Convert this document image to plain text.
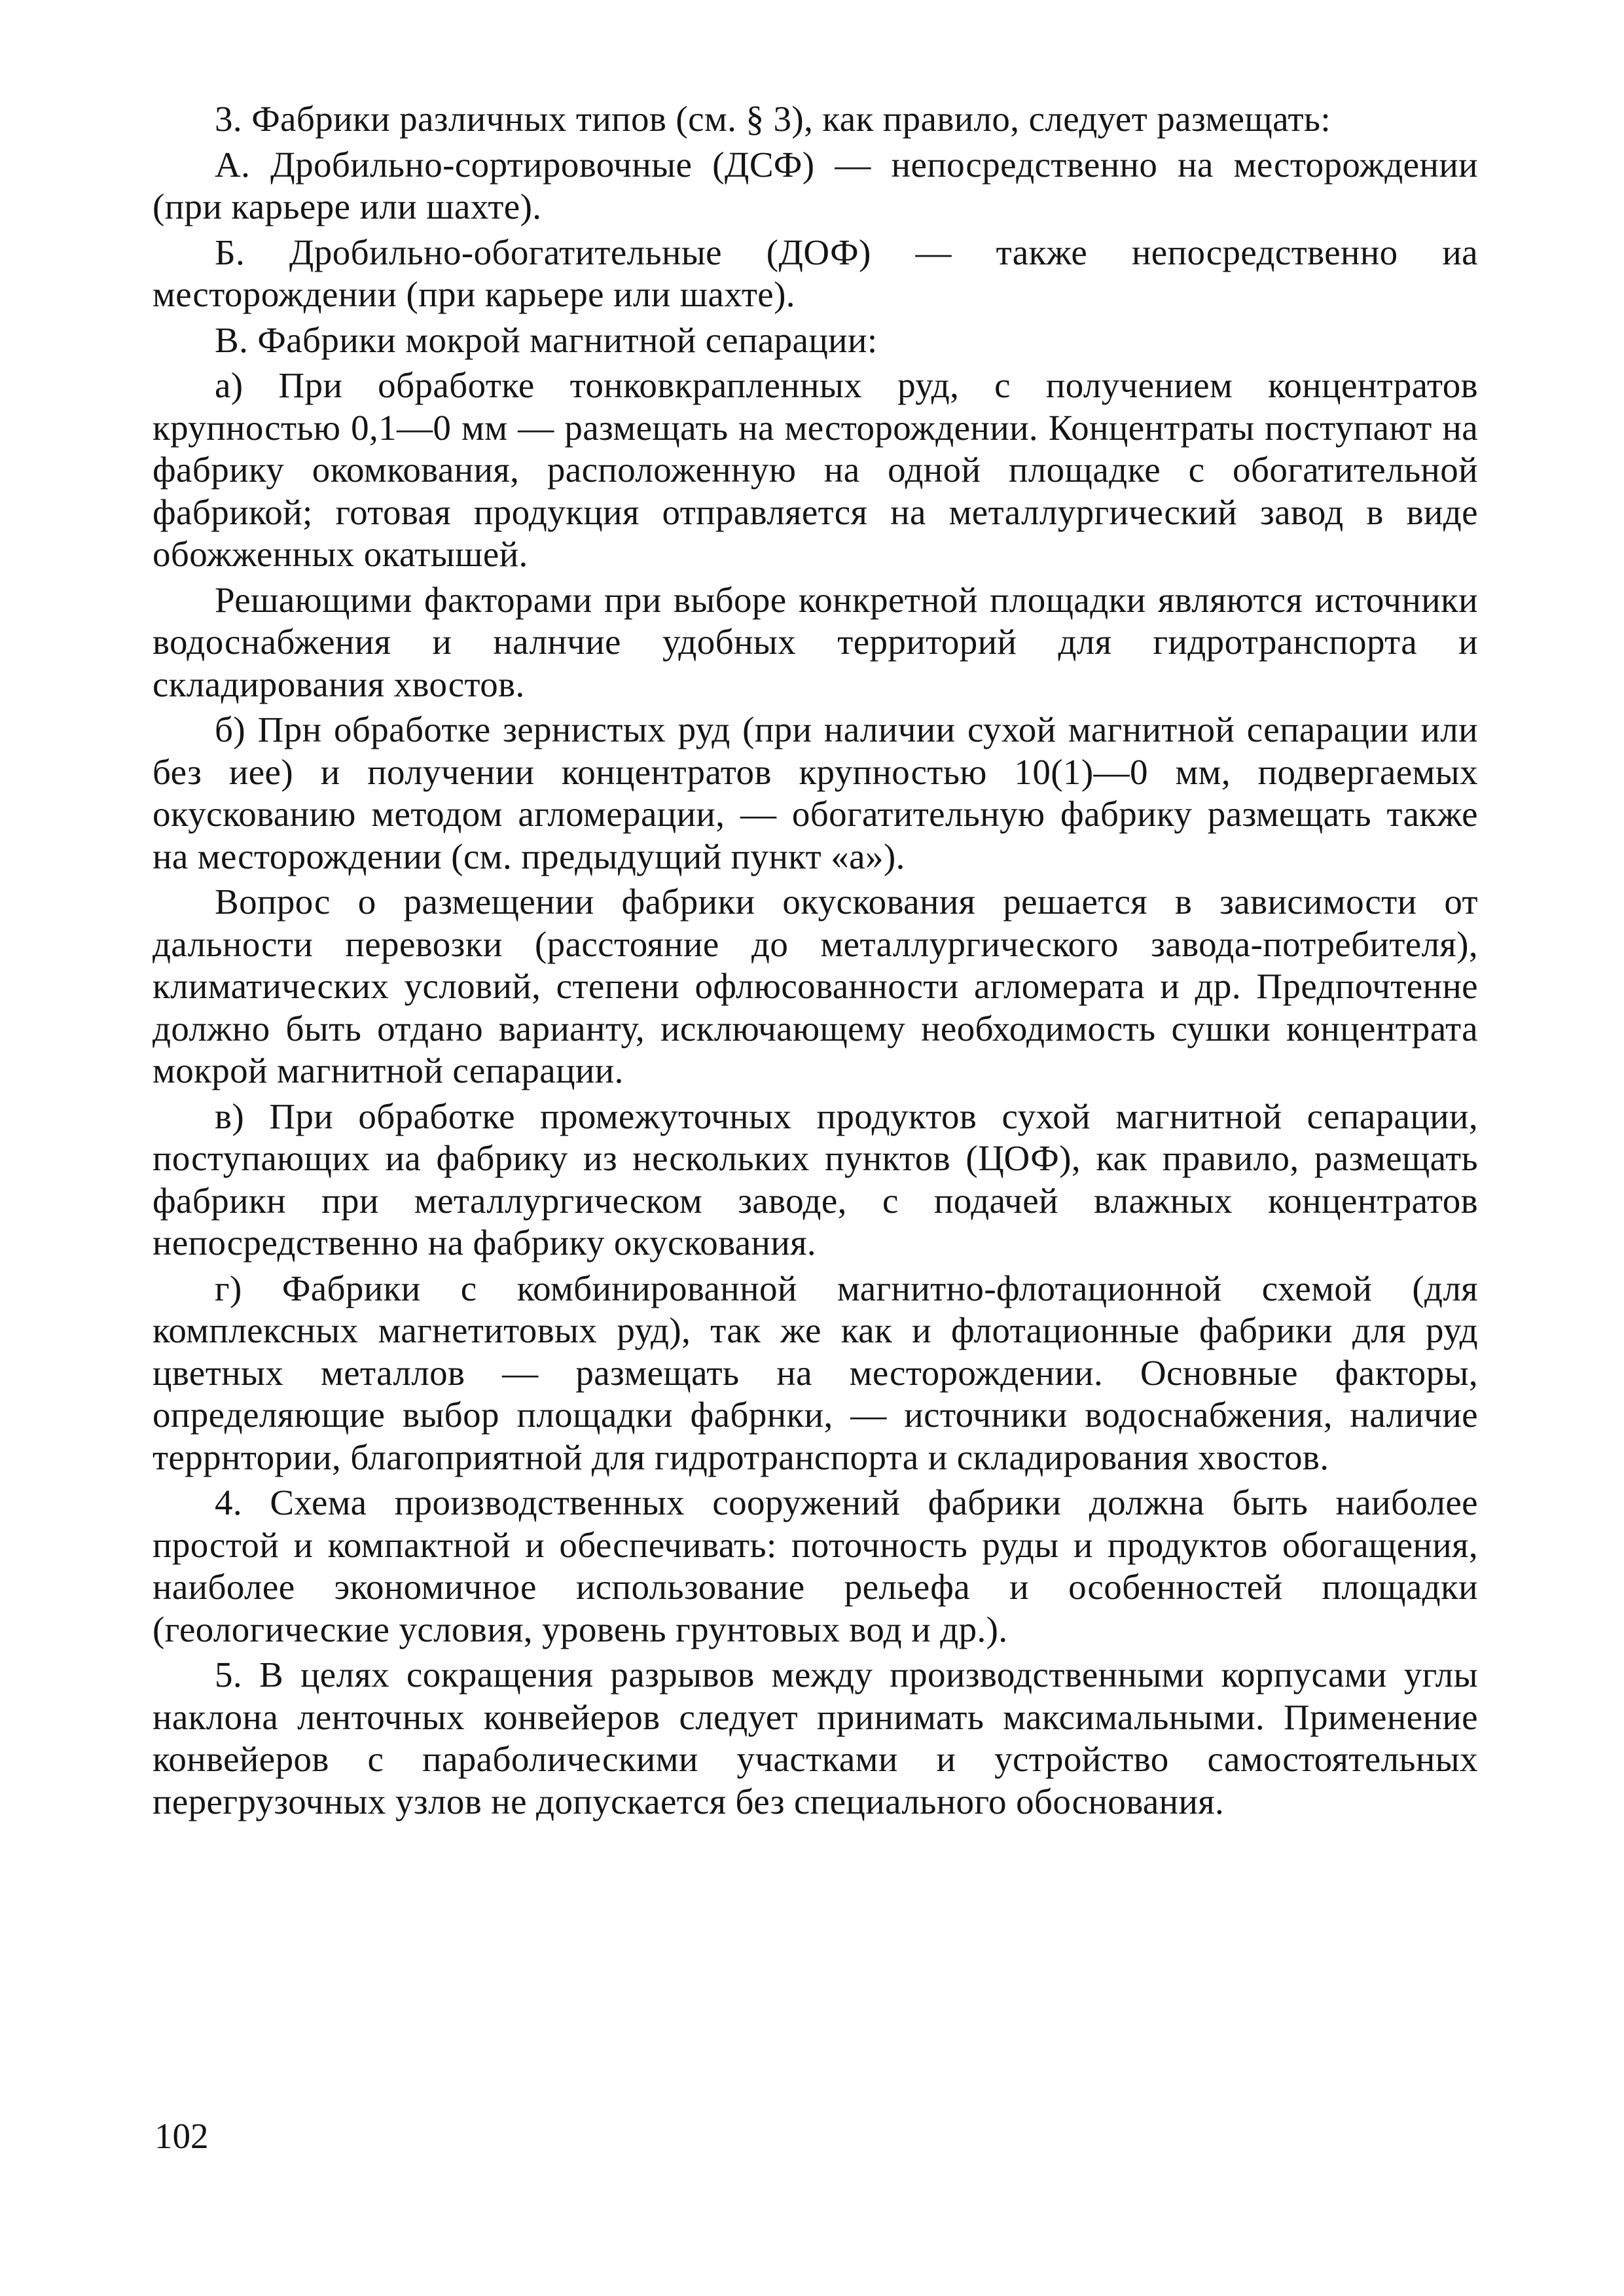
3. Фабрики различных типов (см. § 3), как правило, следует размещать:

А. Дробильно-сортировочные (ДСФ) — непосредственно на месторождении (при карьере или шахте).

Б. Дробильно-обогатительные (ДОФ) — также непосредственно иа месторождении (при карьере или шахте).

В. Фабрики мокрой магнитной сепарации:

а) При обработке тонковкрапленных руд, с получением концентратов крупностью 0,1—0 мм — размещать на месторождении. Концентраты поступают на фабрику окомкования, расположенную на одной площадке с обогатительной фабрикой; готовая продукция отправляется на металлургический завод в виде обожженных окатышей.

Решающими факторами при выборе конкретной площадки являются источники водоснабжения и налнчие удобных территорий для гидротранспорта и складирования хвостов.

б) Прн обработке зернистых руд (при наличии сухой магнитной сепарации или без иее) и получении концентратов крупностью 10(1)—0 мм, подвергаемых окускованию методом агломерации, — обогатительную фабрику размещать также на месторождении (см. предыдущий пункт «а»).

Вопрос о размещении фабрики окускования решается в зависимости от дальности перевозки (расстояние до металлургического завода-потребителя), климатических условий, степени офлюсованности агломерата и др. Предпочтенне должно быть отдано варианту, исключающему необходимость сушки концентрата мокрой магнитной сепарации.

в) При обработке промежуточных продуктов сухой магнитной сепарации, поступающих иа фабрику из нескольких пунктов (ЦОФ), как правило, размещать фабрикн при металлургическом заводе, с подачей влажных концентратов непосредственно на фабрику окускования.

г) Фабрики с комбинированной магнитно-флотационной схемой (для комплексных магнетитовых руд), так же как и флотационные фабрики для руд цветных металлов — размещать на месторождении. Основные факторы, определяющие выбор площадки фабрнки, — источники водоснабжения, наличие террнтории, благоприятной для гидротранспорта и складирования хвостов.

4. Схема производственных сооружений фабрики должна быть наиболее простой и компактной и обеспечивать: поточность руды и продуктов обогащения, наиболее экономичное использование рельефа и особенностей площадки (геологические условия, уровень грунтовых вод и др.).

5. В целях сокращения разрывов между производственными корпусами углы наклона ленточных конвейеров следует принимать максимальными. Применение конвейеров с параболическими участками и устройство самостоятельных перегрузочных узлов не допускается без специального обоснования.

102
